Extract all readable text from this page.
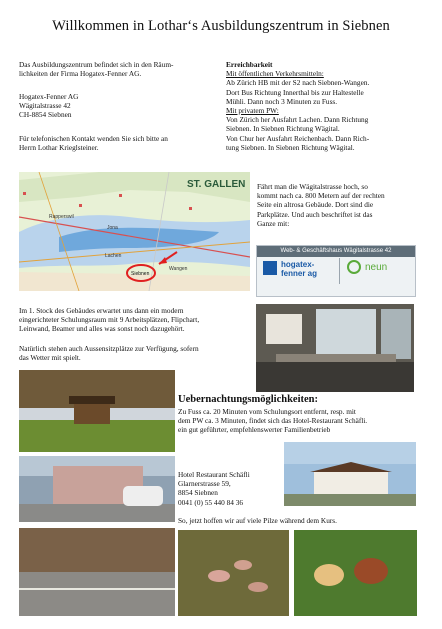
Willkommen in Lothar‘s Ausbildungszentrum in Siebnen
Das Ausbildungszentrum befindet sich in den Räum-
lichkeiten der Firma Hogatex-Fenner AG.
Hogatex-Fenner AG
Wägitalstrasse 42
CH-8854 Siebnen
Für telefonischen Kontakt wenden Sie sich bitte an
Herrn Lothar Krieglsteiner.
Erreichbarkeit
Mit öffentlichen Verkehrsmitteln:
Ab Zürich HB mit der S2 nach Siebnen-Wangen.
Dort Bus Richtung Innerthal bis zur Haltestelle
Mühli. Dann noch 3 Minuten zu Fuss.
Mit privatem PW:
Von Zürich her Ausfahrt Lachen. Dann Richtung
Siebnen. In Siebnen Richtung Wägital.
Von Chur her Ausfahrt Reichenbach. Dann Rich-
tung Siebnen. In Siebnen Richtung Wägital.
ST. GALLEN
Rapperswil
Jona
Lachen
Siebnen
Wangen
Fährt man die Wägitalstrasse hoch, so
kommt nach ca. 800 Metern auf der rechten
Seite ein altrosa Gebäude. Dort sind die
Parkplätze. Und auch beschriftet ist das
Ganze mit:
Web- & Geschäftshaus Wägitalstrasse 42
hogatex-
fenner ag
neun
Im 1. Stock des Gebäudes erwartet uns dann ein modern
eingerichteter Schulungsraum mit 9 Arbeitsplätzen, Flipchart,
Leinwand, Beamer und alles was sonst noch dazugehört.
Natürlich stehen auch Aussensitzplätze zur Verfügung, sofern
das Wetter mit spielt.
Uebernachtungsmöglichkeiten:
Zu Fuss ca. 20 Minuten vom Schulungsort entfernt, resp. mit
dem PW ca. 3 Minuten, findet sich das Hotel-Restaurant Schäfli.
ein gut geführter, empfehlenswerter Familienbetrieb
Hotel Restaurant Schäfli
Glarnerstrasse 59,
8854 Siebnen
0041 (0) 55 440 84 36
So, jetzt hoffen wir auf viele Pilze während dem Kurs.
